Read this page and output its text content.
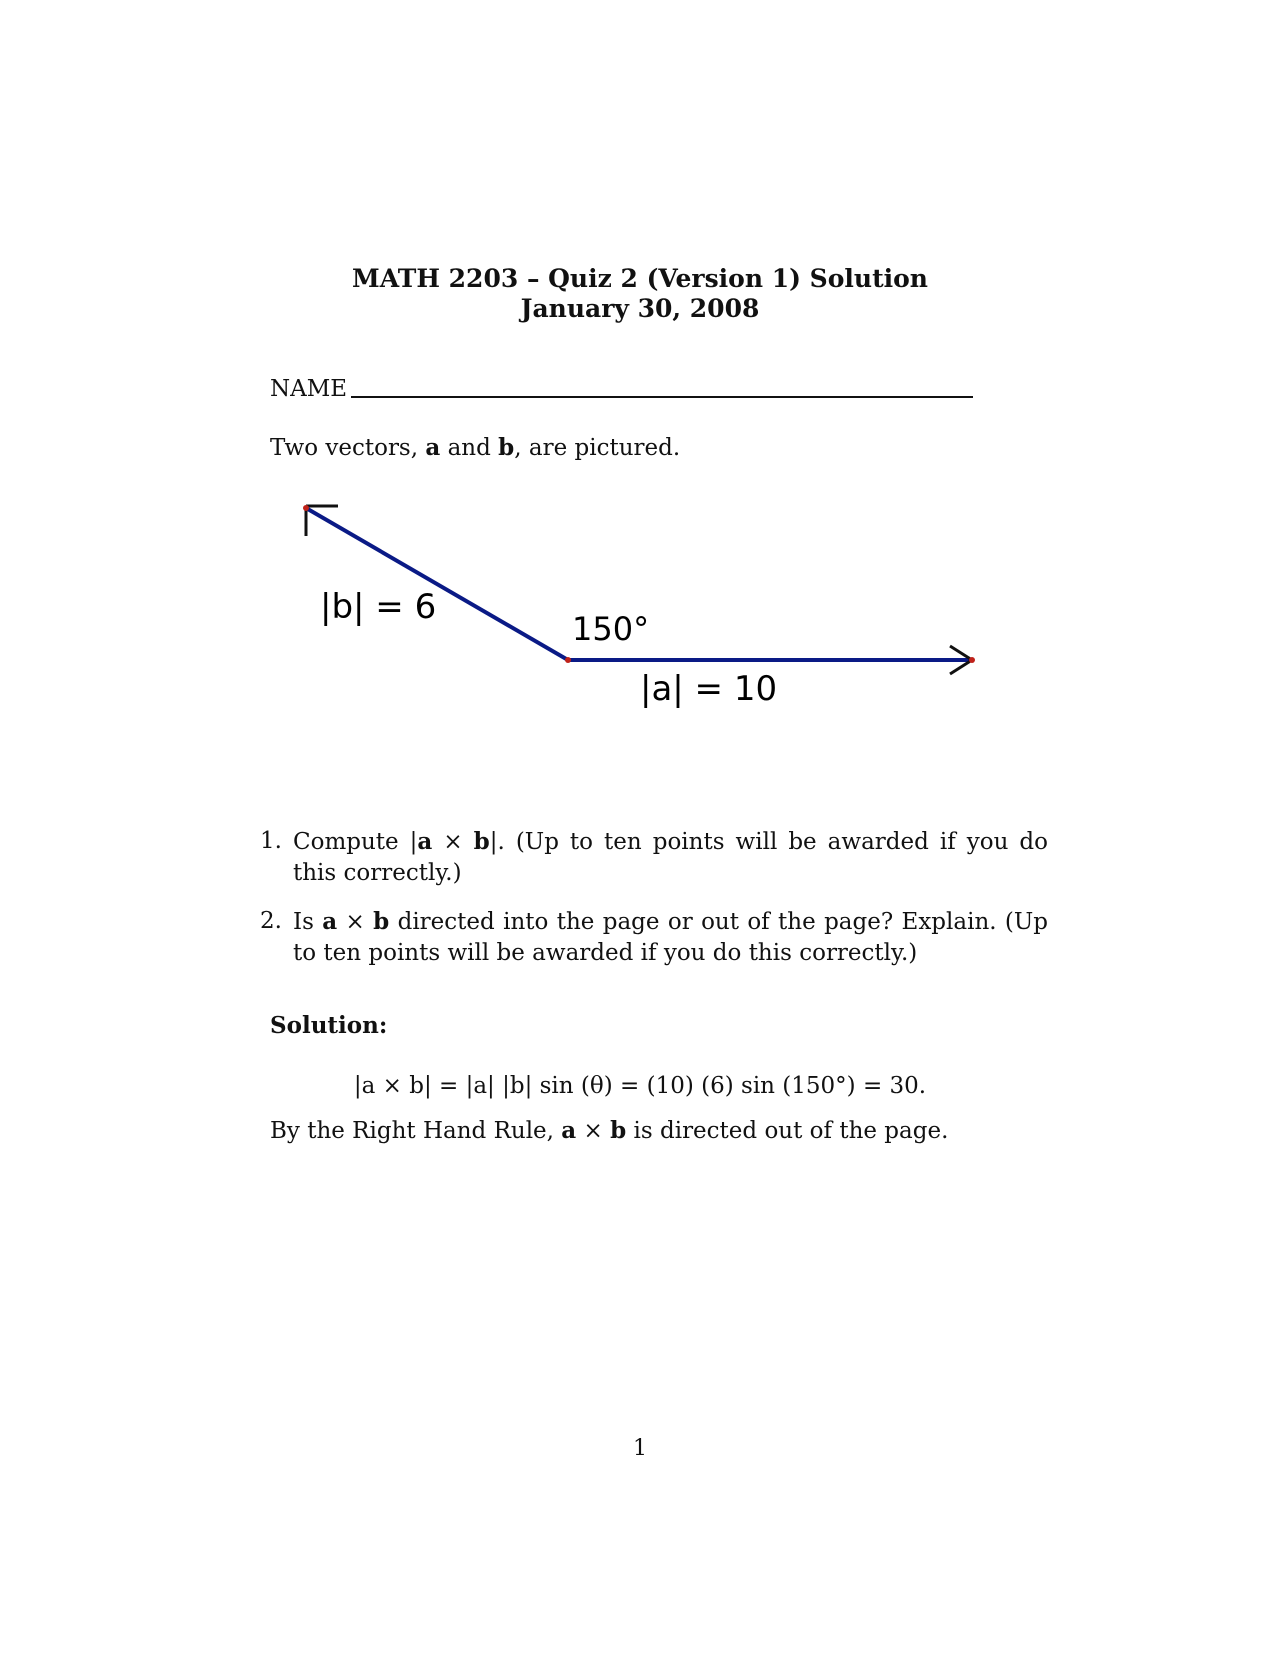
MATH 2203 – Quiz 2 (Version 1) Solution
January 30, 2008
NAME
Two vectors, a and b, are pictured.
|b| = 6
150°
|a| = 10
1. Compute |a × b|. (Up to ten points will be awarded if you do this correctly.)
2. Is a × b directed into the page or out of the page? Explain. (Up to ten points will be awarded if you do this correctly.)
Solution:
|a × b| = |a| |b| sin (θ) = (10) (6) sin (150°) = 30.
By the Right Hand Rule, a × b is directed out of the page.
1
